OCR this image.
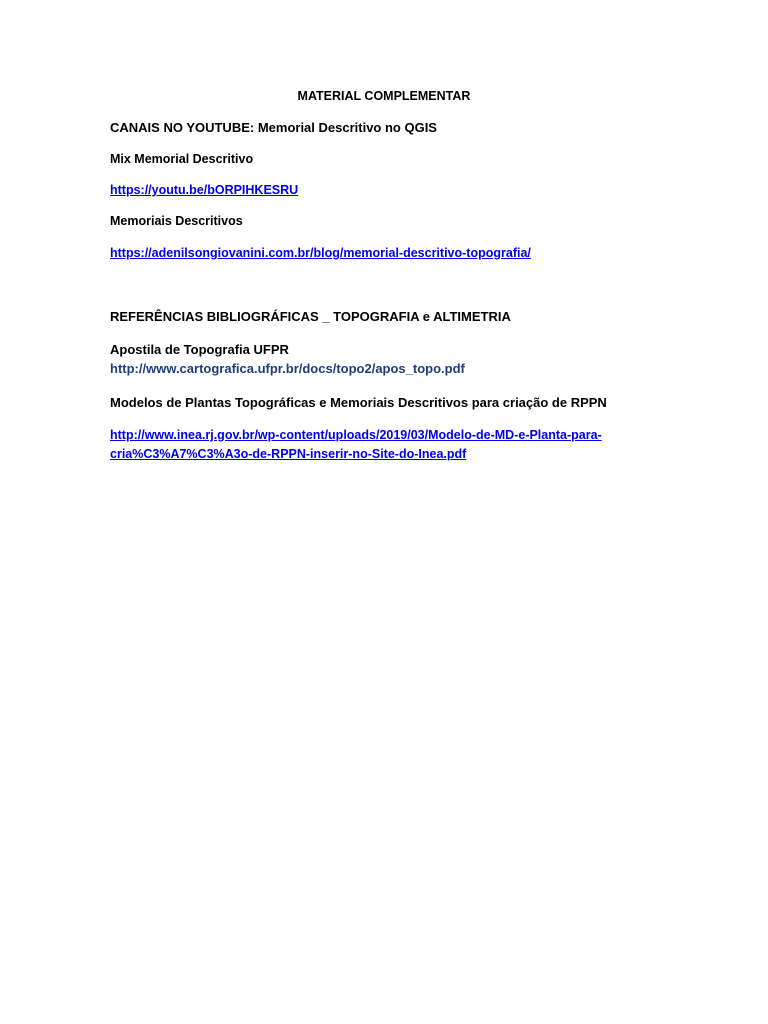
MATERIAL COMPLEMENTAR
CANAIS NO YOUTUBE: Memorial Descritivo no QGIS
Mix Memorial Descritivo
https://youtu.be/bORPIHKESRU
Memoriais Descritivos
https://adenilsongiovanini.com.br/blog/memorial-descritivo-topografia/
REFERÊNCIAS BIBLIOGRÁFICAS _ TOPOGRAFIA e ALTIMETRIA
Apostila de Topografia UFPR
http://www.cartografica.ufpr.br/docs/topo2/apos_topo.pdf
Modelos de Plantas Topográficas e Memoriais Descritivos para criação de RPPN
http://www.inea.rj.gov.br/wp-content/uploads/2019/03/Modelo-de-MD-e-Planta-para-
cria%C3%A7%C3%A3o-de-RPPN-inserir-no-Site-do-Inea.pdf
